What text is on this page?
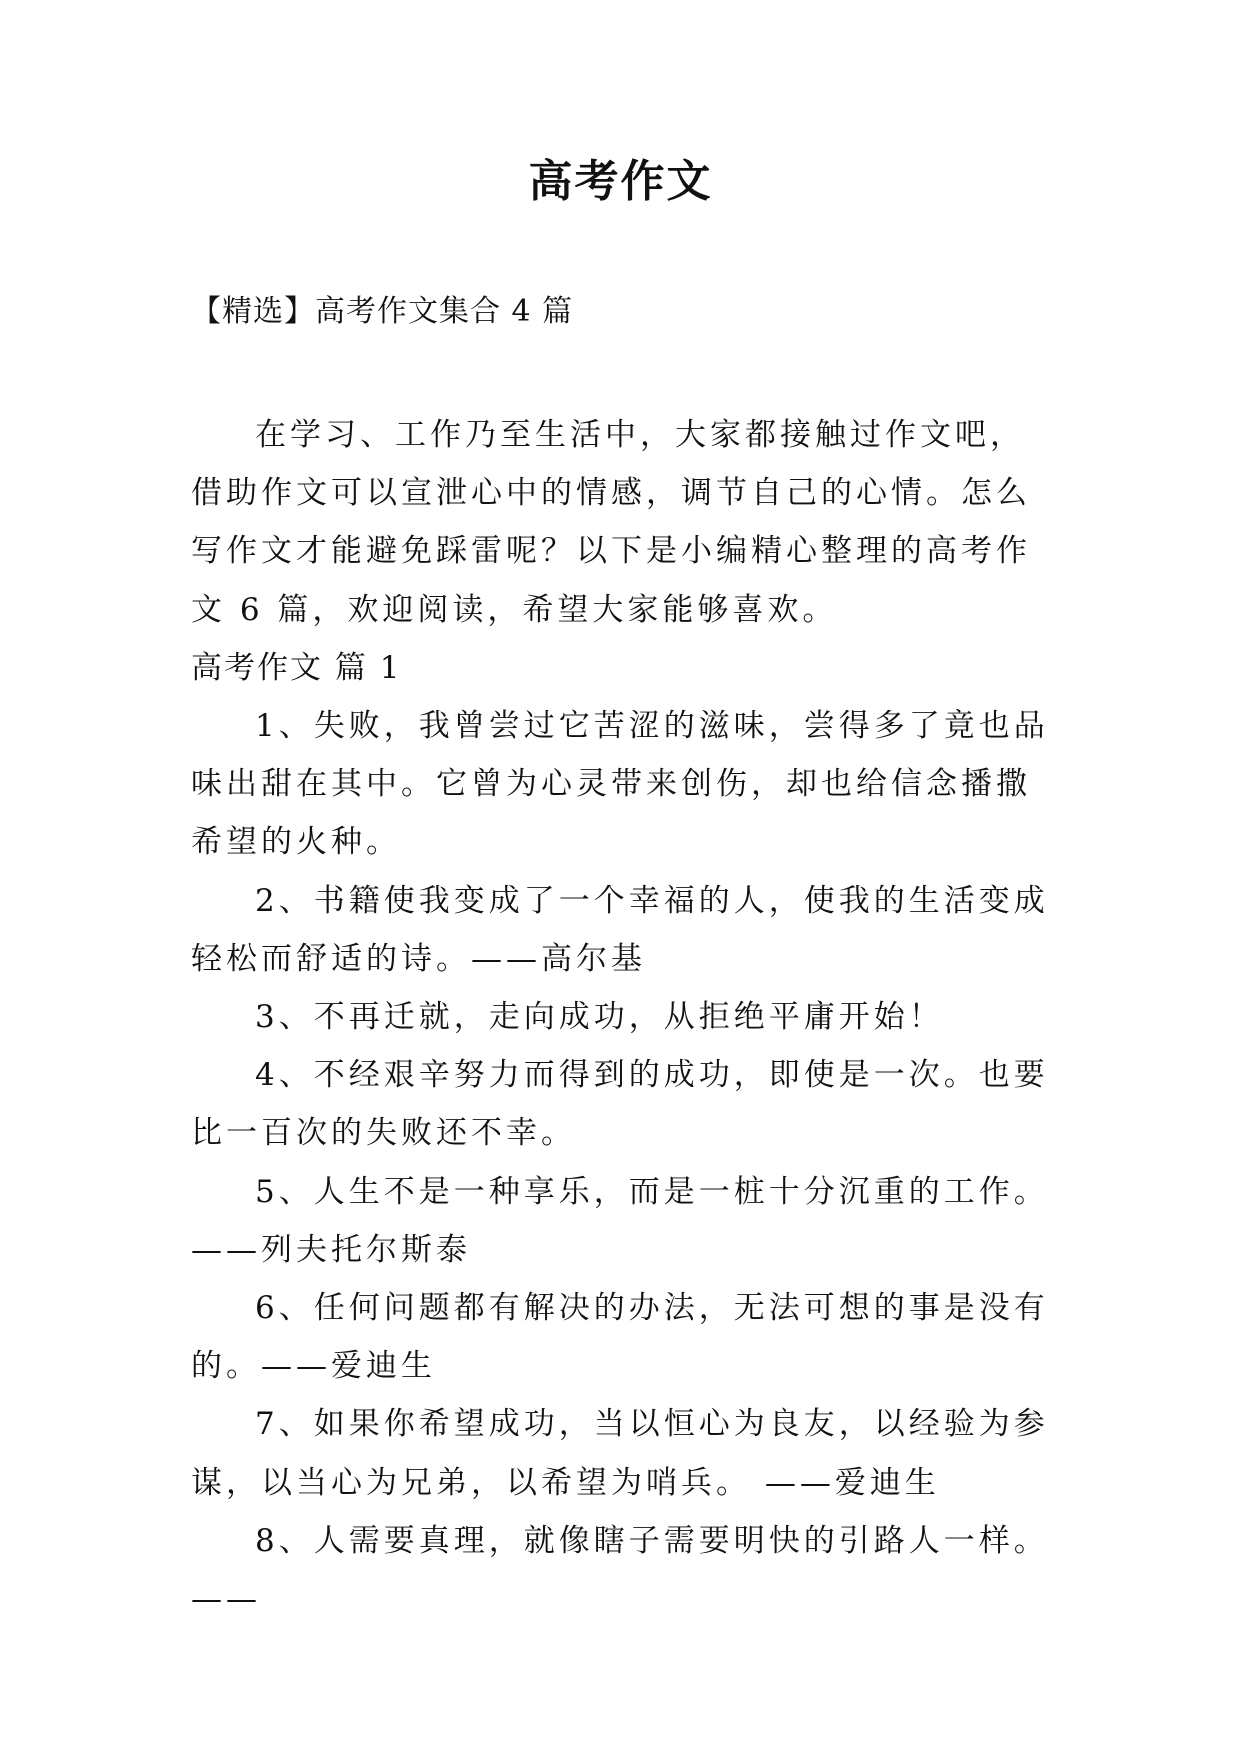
高考作文
【精选】高考作文集合 4 篇

在学习、工作乃至生活中，大家都接触过作文吧，借助作文可以宣泄心中的情感，调节自己的心情。怎么写作文才能避免踩雷呢？以下是小编精心整理的高考作文 6 篇，欢迎阅读，希望大家能够喜欢。

高考作文 篇 1

1、失败，我曾尝过它苦涩的滋味，尝得多了竟也品味出甜在其中。它曾为心灵带来创伤，却也给信念播撒希望的火种。

2、书籍使我变成了一个幸福的人，使我的生活变成轻松而舒适的诗。——高尔基

3、不再迁就，走向成功，从拒绝平庸开始！

4、不经艰辛努力而得到的成功，即使是一次。也要比一百次的失败还不幸。

5、人生不是一种享乐，而是一桩十分沉重的工作。——列夫托尔斯泰

6、任何问题都有解决的办法，无法可想的事是没有的。——爱迪生

7、如果你希望成功，当以恒心为良友，以经验为参谋，以当心为兄弟，以希望为哨兵。 ——爱迪生

8、人需要真理，就像瞎子需要明快的引路人一样。——
